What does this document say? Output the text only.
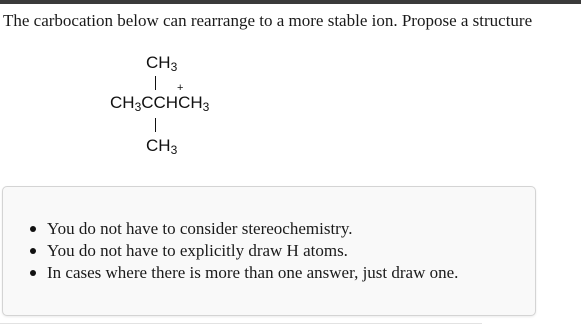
The carbocation below can rearrange to a more stable ion. Propose a structure
$CH_3$
+
$CH_3CCHCH_3$
$CH_3$
You do not have to consider stereochemistry.
You do not have to explicitly draw H atoms.
In cases where there is more than one answer, just draw one.
